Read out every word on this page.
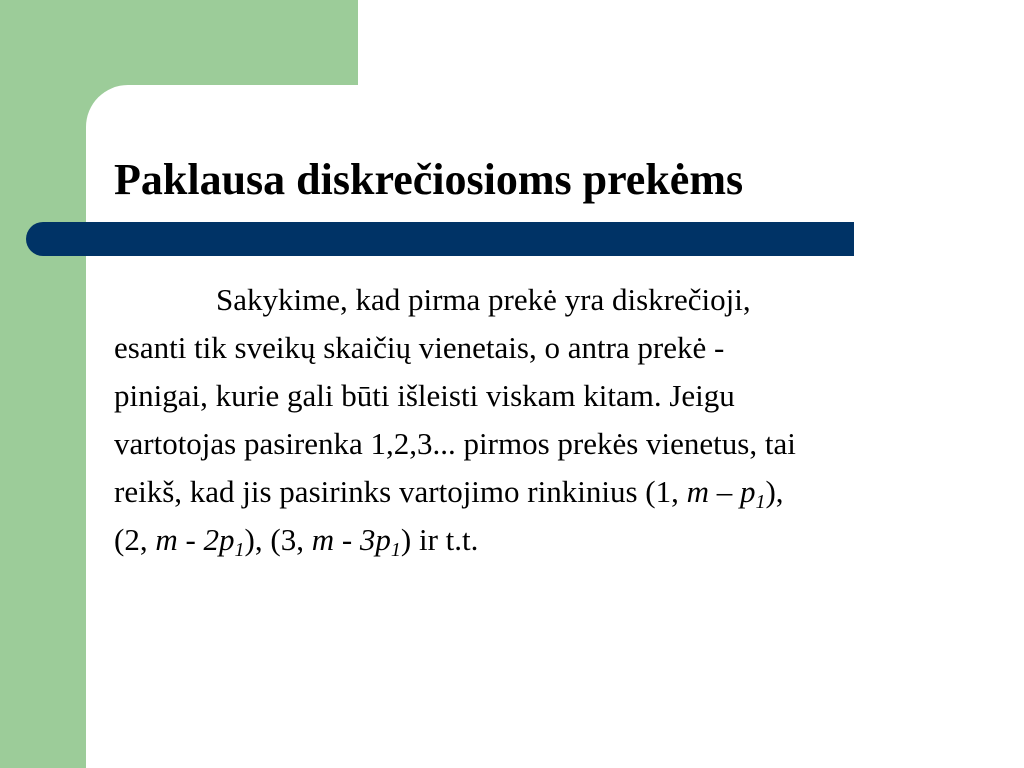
Paklausa diskrečiosioms prekėms
Sakykime, kad pirma prekė yra diskrečioji,
esanti tik sveikų skaičių vienetais, o antra prekė -
pinigai, kurie gali būti išleisti viskam kitam. Jeigu
vartotojas pasirenka 1,2,3... pirmos prekės vienetus, tai
reikš, kad jis pasirinks vartojimo rinkinius (1, m – $p_1$),
(2, m - $2p_1$), (3, m - $3p_1$) ir t.t.
